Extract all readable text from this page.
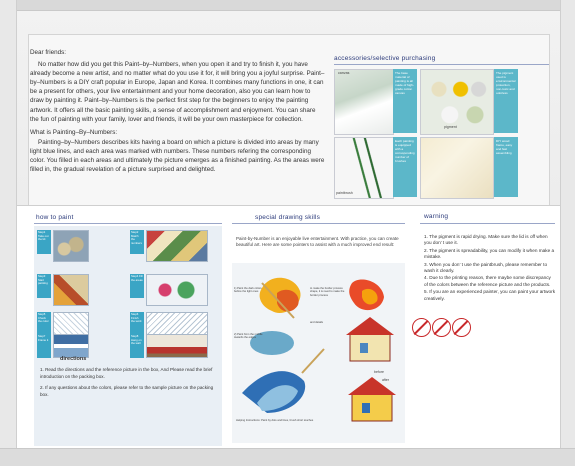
Dear friends:

No matter how did you get this Paint–by–Numbers, when you open it and try to finish it, you have already become a new artist, and no matter what do you use it for, it will bring you a joyful surprise. Paint–by–Numbers is a DIY craft popular in Europe, Japan and Korea. It combines many functions in one, it can be a present for others, your live entertainment and your home decoration, also you can learn how to draw by painting it. Paint–by–Numbers is the perfect first step for the beginners to enjoy the painting artwork. It offers all the basic painting skills, a sense of accomplishment and enjoyment. You can share the fun of painting with your family, lover and friends, it will be your own masterpiece for collection.

What is Painting–By–Numbers:

Painting–by–Numbers describes kits having a board on which a picture is divided into areas by many light blue lines, and each area was marked with numbers. These numbers refering the corresponding color. You filled in each areas and ultimately the picture emerges as a finished painting. As the areas were filled in, the gradual revelation of a picture surprised and delighted.

accessories/selective purchasing
canvas	The base material of painting is all made of high-grade cotton canvas
pigment
The pigment used is environmental protection, non-toxic and odorless
paintbrush
Each painting is equipped with a corresponding number of brushes
DIY wood frame, easy and fast assembling
how to paint
Step1 Take out the kit
Step2 Match the numbers
Step3 Start painting
Step4 Fill the areas
Step5 Check the color
Step6 Finish the work
Step7 Frame it
Step8 Hang on the wall
directions
1. Read the directions and the reference picture in the box, And Please read the brief introduction on the packing box.
2. If any questions about the colors, please refer to the sample picture on the packing box.
special drawing skills
Paint-by-Number is an enjoyable live entertainment. With practice, you can create beautiful art. Here are some pointers to assist with a much improved end result:
1) Paint the dark colors before the light ones
to make the border process shape, it is need to make the border process
2) Paint from the middle towards the edges
and details
before
after
Helping Instructions: Paint by dots and lines, brush short touches
warning
1. The pigment is rapid drying. Make sure the lid is off when you don’ t use it.
2. The pigment is spreadability, you can modify it when make a mistake.
3. When you don’ t use the paintbrush, please remember to wash it clearly.
4. Due to the printing reason, there maybe some discrepancy of the colors between the reference picture and the products.
5. If you are an experienced painter, you can paint your artwork creatively.
